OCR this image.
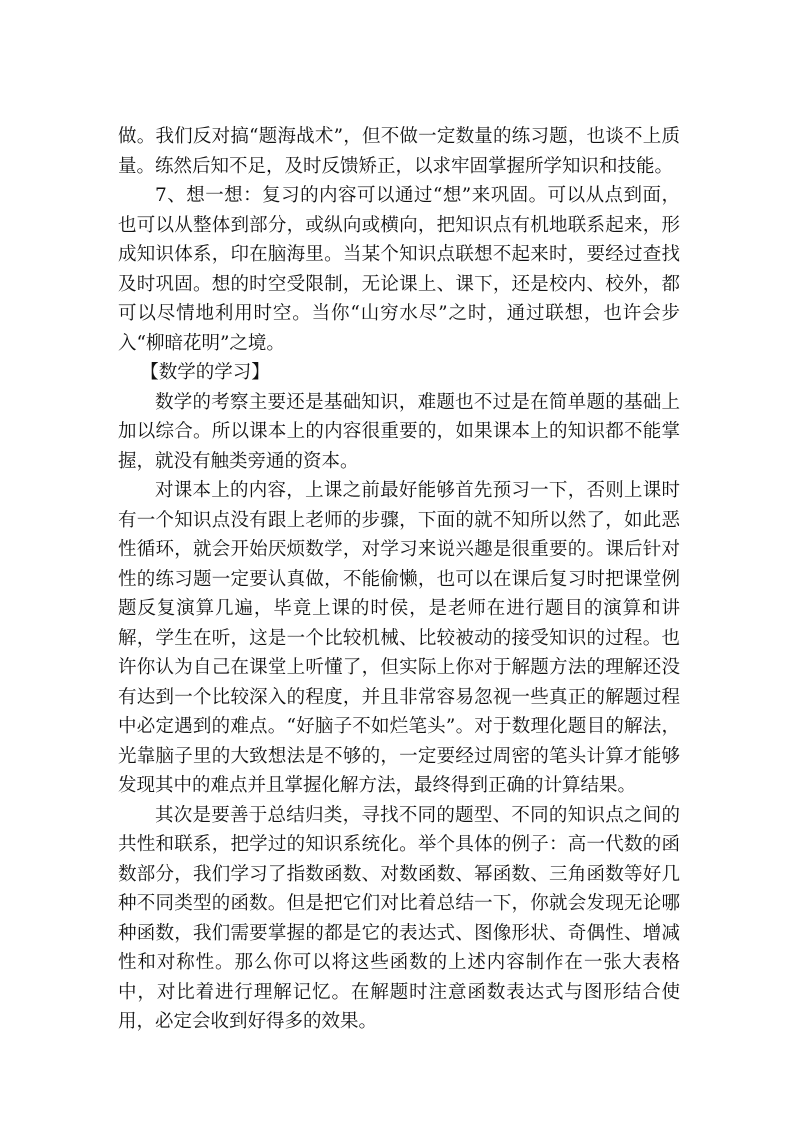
做。我们反对搞“题海战术”，但不做一定数量的练习题，也谈不上质量。练然后知不足，及时反馈矫正，以求牢固掌握所学知识和技能。

7、想一想：复习的内容可以通过“想”来巩固。可以从点到面，也可以从整体到部分，或纵向或横向，把知识点有机地联系起来，形成知识体系，印在脑海里。当某个知识点联想不起来时，要经过查找及时巩固。想的时空受限制，无论课上、课下，还是校内、校外，都可以尽情地利用时空。当你“山穷水尽”之时，通过联想，也许会步入“柳暗花明”之境。

【数学的学习】

数学的考察主要还是基础知识，难题也不过是在简单题的基础上加以综合。所以课本上的内容很重要的，如果课本上的知识都不能掌握，就没有触类旁通的资本。

对课本上的内容，上课之前最好能够首先预习一下，否则上课时有一个知识点没有跟上老师的步骤，下面的就不知所以然了，如此恶性循环，就会开始厌烦数学，对学习来说兴趣是很重要的。课后针对性的练习题一定要认真做，不能偷懒，也可以在课后复习时把课堂例题反复演算几遍，毕竟上课的时侯，是老师在进行题目的演算和讲解，学生在听，这是一个比较机械、比较被动的接受知识的过程。也许你认为自己在课堂上听懂了，但实际上你对于解题方法的理解还没有达到一个比较深入的程度，并且非常容易忽视一些真正的解题过程中必定遇到的难点。“好脑子不如烂笔头”。对于数理化题目的解法，光靠脑子里的大致想法是不够的，一定要经过周密的笔头计算才能够发现其中的难点并且掌握化解方法，最终得到正确的计算结果。

其次是要善于总结归类，寻找不同的题型、不同的知识点之间的共性和联系，把学过的知识系统化。举个具体的例子：高一代数的函数部分，我们学习了指数函数、对数函数、幂函数、三角函数等好几种不同类型的函数。但是把它们对比着总结一下，你就会发现无论哪种函数，我们需要掌握的都是它的表达式、图像形状、奇偶性、增减性和对称性。那么你可以将这些函数的上述内容制作在一张大表格中，对比着进行理解记忆。在解题时注意函数表达式与图形结合使用，必定会收到好得多的效果。
